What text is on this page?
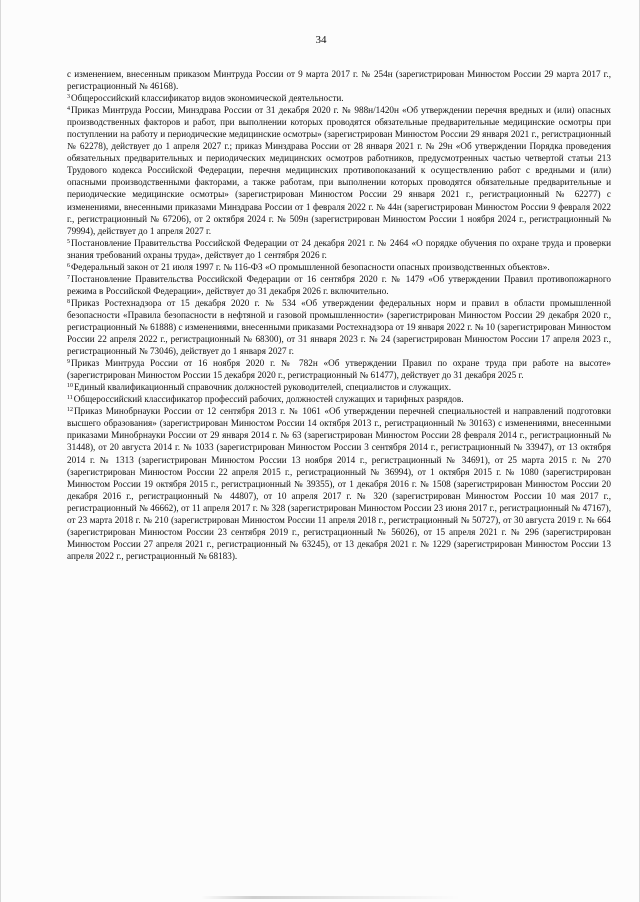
34

с изменением, внесенным приказом Минтруда России от 9 марта 2017 г. № 254н (зарегистрирован Минюстом России 29 марта 2017 г., регистрационный № 46168).

$^3$Общероссийский классификатор видов экономической деятельности.

$^4$Приказ Минтруда России, Минздрава России от 31 декабря 2020 г. № 988н/1420н «Об утверждении перечня вредных и (или) опасных производственных факторов и работ, при выполнении которых проводятся обязательные предварительные медицинские осмотры при поступлении на работу и периодические медицинские осмотры» (зарегистрирован Минюстом России 29 января 2021 г., регистрационный № 62278), действует до 1 апреля 2027 г.; приказ Минздрава России от 28 января 2021 г. № 29н «Об утверждении Порядка проведения обязательных предварительных и периодических медицинских осмотров работников, предусмотренных частью четвертой статьи 213 Трудового кодекса Российской Федерации, перечня медицинских противопоказаний к осуществлению работ с вредными и (или) опасными производственными факторами, а также работам, при выполнении которых проводятся обязательные предварительные и периодические медицинские осмотры» (зарегистрирован Минюстом России 29 января 2021 г., регистрационный № 62277) с изменениями, внесенными приказами Минздрава России от 1 февраля 2022 г. № 44н (зарегистрирован Минюстом России 9 февраля 2022 г., регистрационный № 67206), от 2 октября 2024 г. № 509н (зарегистрирован Минюстом России 1 ноября 2024 г., регистрационный № 79994), действует до 1 апреля 2027 г.

$^5$Постановление Правительства Российской Федерации от 24 декабря 2021 г. № 2464 «О порядке обучения по охране труда и проверки знания требований охраны труда», действует до 1 сентября 2026 г.

$^6$Федеральный закон от 21 июля 1997 г. № 116-ФЗ «О промышленной безопасности опасных производственных объектов».

$^7$Постановление Правительства Российской Федерации от 16 сентября 2020 г. № 1479 «Об утверждении Правил противопожарного режима в Российской Федерации», действует до 31 декабря 2026 г. включительно.

$^8$Приказ Ростехнадзора от 15 декабря 2020 г. № 534 «Об утверждении федеральных норм и правил в области промышленной безопасности «Правила безопасности в нефтяной и газовой промышленности» (зарегистрирован Минюстом России 29 декабря 2020 г., регистрационный № 61888) с изменениями, внесенными приказами Ростехнадзора от 19 января 2022 г. № 10 (зарегистрирован Минюстом России 22 апреля 2022 г., регистрационный № 68300), от 31 января 2023 г. № 24 (зарегистрирован Минюстом России 17 апреля 2023 г., регистрационный № 73046), действует до 1 января 2027 г.

$^9$Приказ Минтруда России от 16 ноября 2020 г. № 782н «Об утверждении Правил по охране труда при работе на высоте» (зарегистрирован Минюстом России 15 декабря 2020 г., регистрационный № 61477), действует до 31 декабря 2025 г.

$^{10}$Единый квалификационный справочник должностей руководителей, специалистов и служащих.

$^{11}$Общероссийский классификатор профессий рабочих, должностей служащих и тарифных разрядов.

$^{12}$Приказ Минобрнауки России от 12 сентября 2013 г. № 1061 «Об утверждении перечней специальностей и направлений подготовки высшего образования» (зарегистрирован Минюстом России 14 октября 2013 г., регистрационный № 30163) с изменениями, внесенными приказами Минобрнауки России от 29 января 2014 г. № 63 (зарегистрирован Минюстом России 28 февраля 2014 г., регистрационный № 31448), от 20 августа 2014 г. № 1033 (зарегистрирован Минюстом России 3 сентября 2014 г., регистрационный № 33947), от 13 октября 2014 г. № 1313 (зарегистрирован Минюстом России 13 ноября 2014 г., регистрационный № 34691), от 25 марта 2015 г. № 270 (зарегистрирован Минюстом России 22 апреля 2015 г., регистрационный № 36994), от 1 октября 2015 г. № 1080 (зарегистрирован Минюстом России 19 октября 2015 г., регистрационный № 39355), от 1 декабря 2016 г. № 1508 (зарегистрирован Минюстом России 20 декабря 2016 г., регистрационный № 44807), от 10 апреля 2017 г. № 320 (зарегистрирован Минюстом России 10 мая 2017 г., регистрационный № 46662), от 11 апреля 2017 г. № 328 (зарегистрирован Минюстом России 23 июня 2017 г., регистрационный № 47167), от 23 марта 2018 г. № 210 (зарегистрирован Минюстом России 11 апреля 2018 г., регистрационный № 50727), от 30 августа 2019 г. № 664 (зарегистрирован Минюстом России 23 сентября 2019 г., регистрационный № 56026), от 15 апреля 2021 г. № 296 (зарегистрирован Минюстом России 27 апреля 2021 г., регистрационный № 63245), от 13 декабря 2021 г. № 1229 (зарегистрирован Минюстом России 13 апреля 2022 г., регистрационный № 68183).
